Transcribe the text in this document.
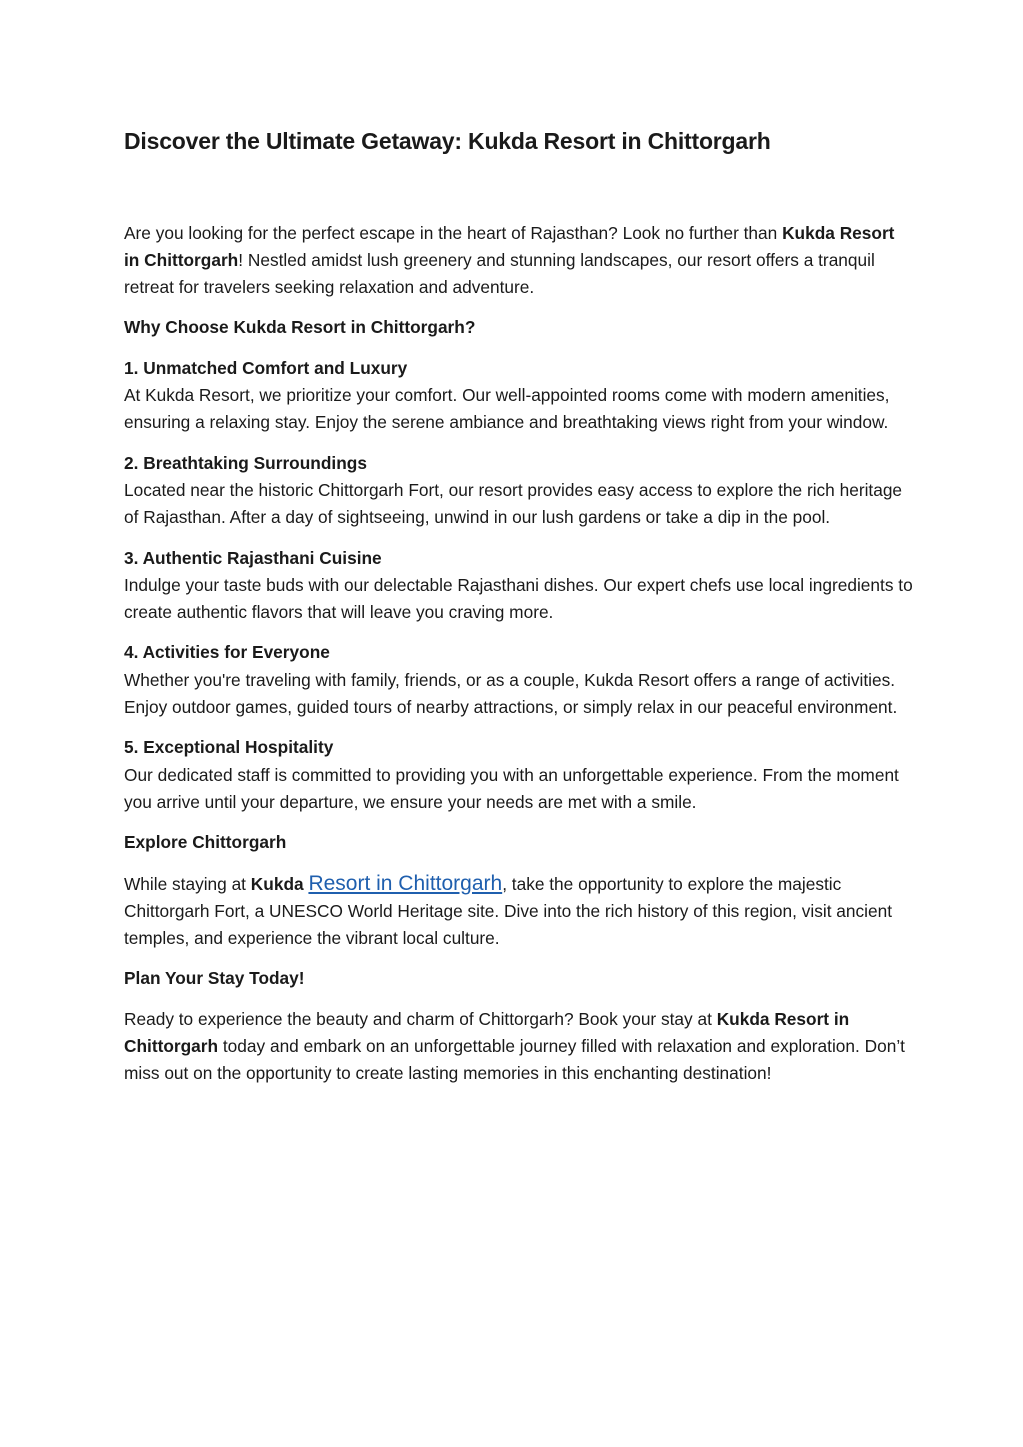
Discover the Ultimate Getaway: Kukda Resort in Chittorgarh

Are you looking for the perfect escape in the heart of Rajasthan? Look no further than Kukda Resort in Chittorgarh! Nestled amidst lush greenery and stunning landscapes, our resort offers a tranquil retreat for travelers seeking relaxation and adventure.

Why Choose Kukda Resort in Chittorgarh?

1. Unmatched Comfort and Luxury
At Kukda Resort, we prioritize your comfort. Our well-appointed rooms come with modern amenities, ensuring a relaxing stay. Enjoy the serene ambiance and breathtaking views right from your window.

2. Breathtaking Surroundings
Located near the historic Chittorgarh Fort, our resort provides easy access to explore the rich heritage of Rajasthan. After a day of sightseeing, unwind in our lush gardens or take a dip in the pool.

3. Authentic Rajasthani Cuisine
Indulge your taste buds with our delectable Rajasthani dishes. Our expert chefs use local ingredients to create authentic flavors that will leave you craving more.

4. Activities for Everyone
Whether you're traveling with family, friends, or as a couple, Kukda Resort offers a range of activities. Enjoy outdoor games, guided tours of nearby attractions, or simply relax in our peaceful environment.

5. Exceptional Hospitality
Our dedicated staff is committed to providing you with an unforgettable experience. From the moment you arrive until your departure, we ensure your needs are met with a smile.

Explore Chittorgarh

While staying at Kukda Resort in Chittorgarh, take the opportunity to explore the majestic Chittorgarh Fort, a UNESCO World Heritage site. Dive into the rich history of this region, visit ancient temples, and experience the vibrant local culture.

Plan Your Stay Today!

Ready to experience the beauty and charm of Chittorgarh? Book your stay at Kukda Resort in Chittorgarh today and embark on an unforgettable journey filled with relaxation and exploration. Don’t miss out on the opportunity to create lasting memories in this enchanting destination!
